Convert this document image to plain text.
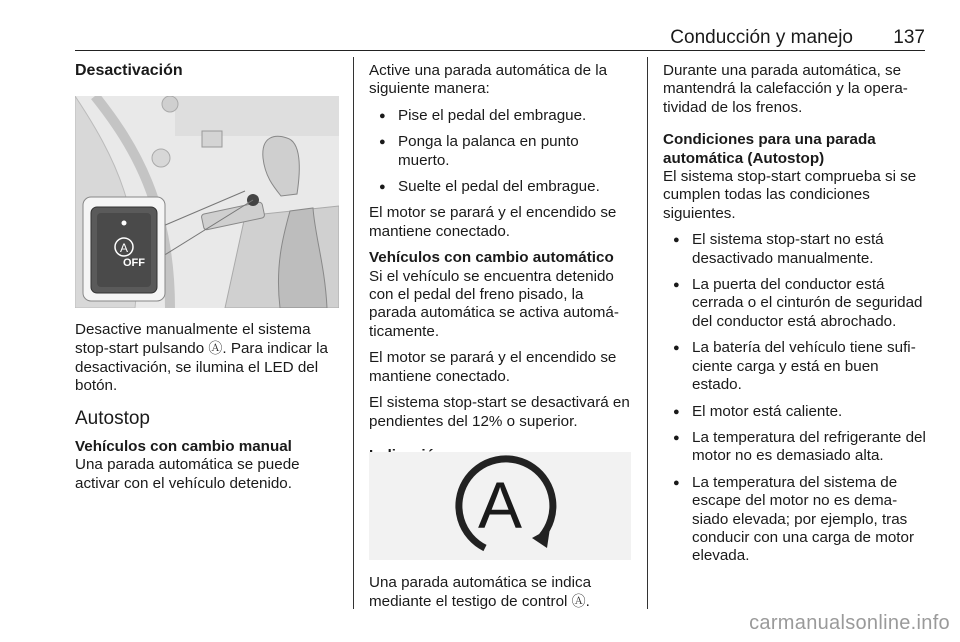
Conducción y manejo 137
Desactivación
A
OFF

Desactive manualmente el sistema stop-start pulsando Ⓐ. Para indicar la desactivación, se ilumina el LED del botón.

Autostop
Vehículos con cambio manual

Una parada automática se puede activar con el vehículo detenido.

Active una parada automática de la siguiente manera:

● Pise el pedal del embrague.
● Ponga la palanca en punto muerto.
● Suelte el pedal del embrague.

El motor se parará y el encendido se mantiene conectado.

Vehículos con cambio automático

Si el vehículo se encuentra detenido con el pedal del freno pisado, la parada automática se activa automáticamente.

El motor se parará y el encendido se mantiene conectado.

El sistema stop-start se desactivará en pendientes del 12% o superior.

A

Una parada automática se indica mediante el testigo de control Ⓐ.

Durante una parada automática, se mantendrá la calefacción y la operatividad de los frenos.

Condiciones para una parada automática (Autostop)

El sistema stop-start comprueba si se cumplen todas las condiciones siguientes.

● El sistema stop-start no está desactivado manualmente.
● La puerta del conductor está cerrada o el cinturón de seguridad del conductor está abrochado.
● La batería del vehículo tiene suficiente carga y está en buen estado.
● El motor está caliente.
● La temperatura del refrigerante del motor no es demasiado alta.
● La temperatura del sistema de escape del motor no es demasiado elevada; por ejemplo, tras conducir con una carga de motor elevada.
carmanualsonline.info
